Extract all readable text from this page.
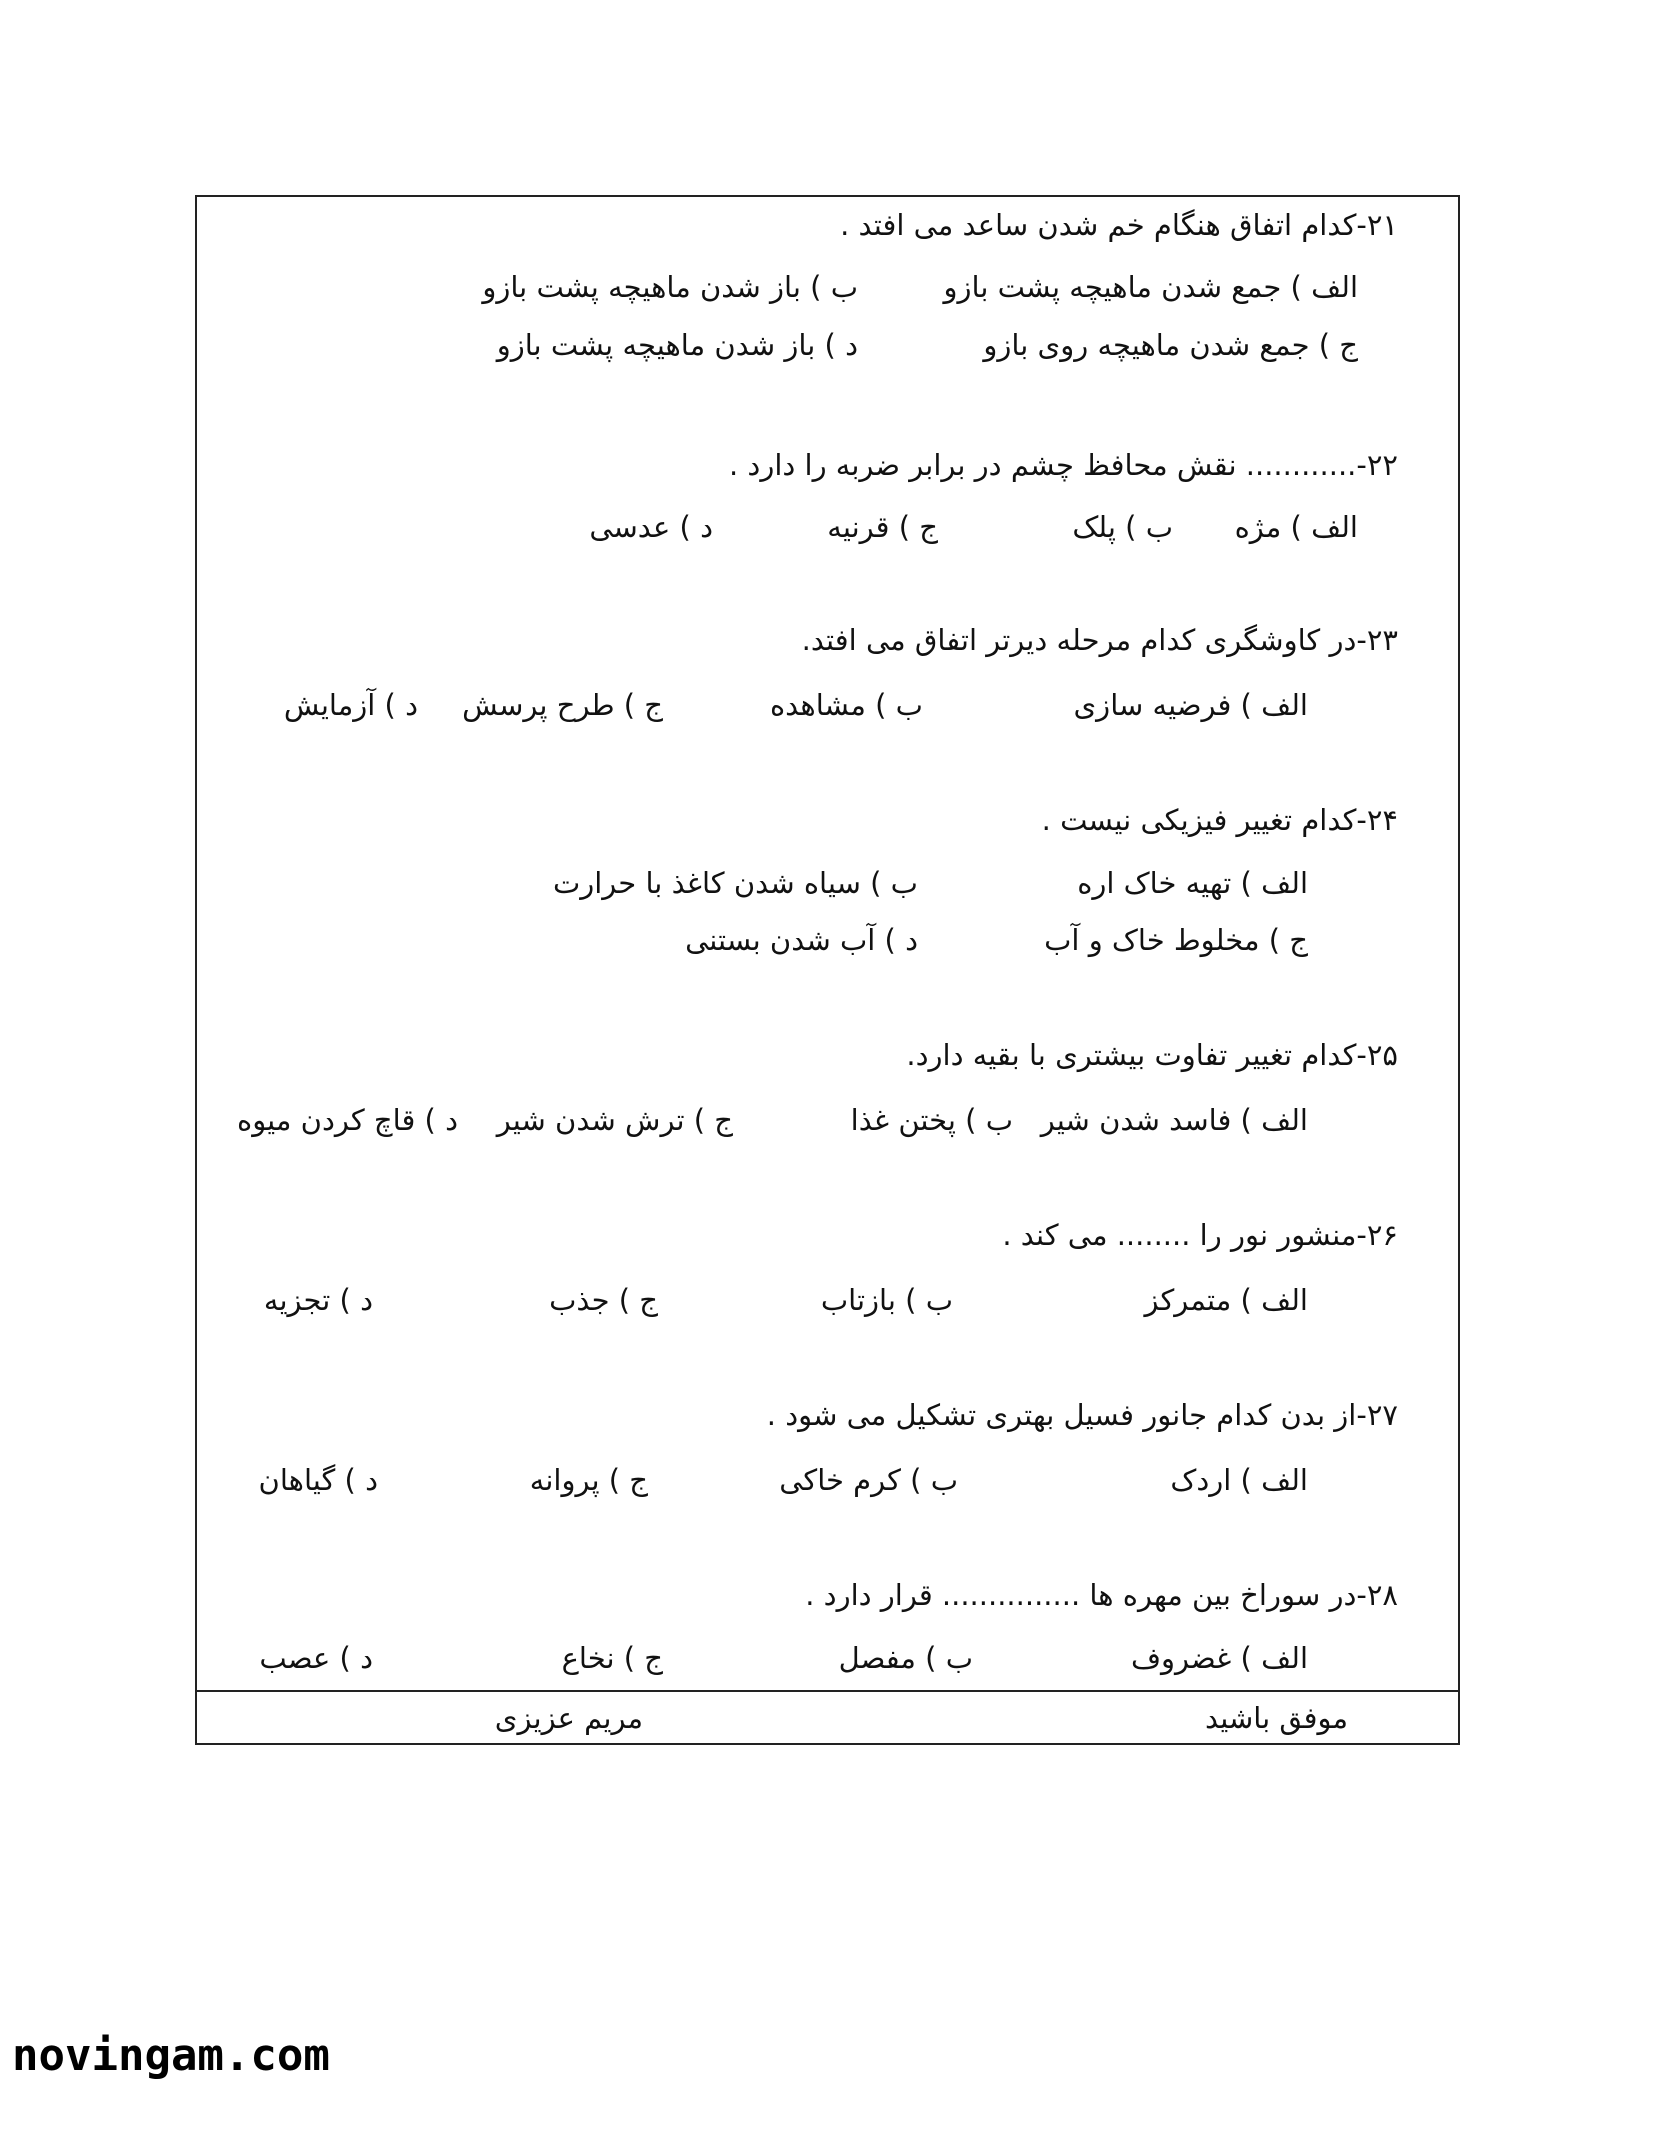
۲۱-کدام اتفاق هنگام خم شدن ساعد می افتد .
الف ) جمع شدن ماهیچه پشت بازو
ب ) باز شدن ماهیچه پشت بازو
ج ) جمع شدن ماهیچه روی بازو
د ) باز شدن ماهیچه پشت بازو
۲۲-............ نقش محافظ چشم در برابر ضربه را دارد .
الف ) مژه
ب ) پلک
ج ) قرنیه
د ) عدسی
۲۳-در کاوشگری کدام مرحله دیرتر اتفاق می افتد.
الف ) فرضیه سازی
ب ) مشاهده
ج ) طرح پرسش
د ) آزمایش
۲۴-کدام تغییر فیزیکی نیست .
الف ) تهیه خاک اره
ب ) سیاه شدن کاغذ با حرارت
ج ) مخلوط خاک و آب
د ) آب شدن بستنی
۲۵-کدام تغییر تفاوت بیشتری با بقیه دارد.
الف ) فاسد شدن شیر
ب ) پختن غذا
ج ) ترش شدن شیر
د ) قاچ کردن میوه
۲۶-منشور نور را ........ می کند .
الف ) متمرکز
ب ) بازتاب
ج ) جذب
د ) تجزیه
۲۷-از بدن کدام جانور فسیل بهتری تشکیل می شود .
الف ) اردک
ب ) کرم خاکی
ج ) پروانه
د ) گیاهان
۲۸-در سوراخ بین مهره ها ............... قرار دارد .
الف ) غضروف
ب ) مفصل
ج ) نخاع
د ) عصب
موفق باشید
مریم عزیزی
novingam.com
